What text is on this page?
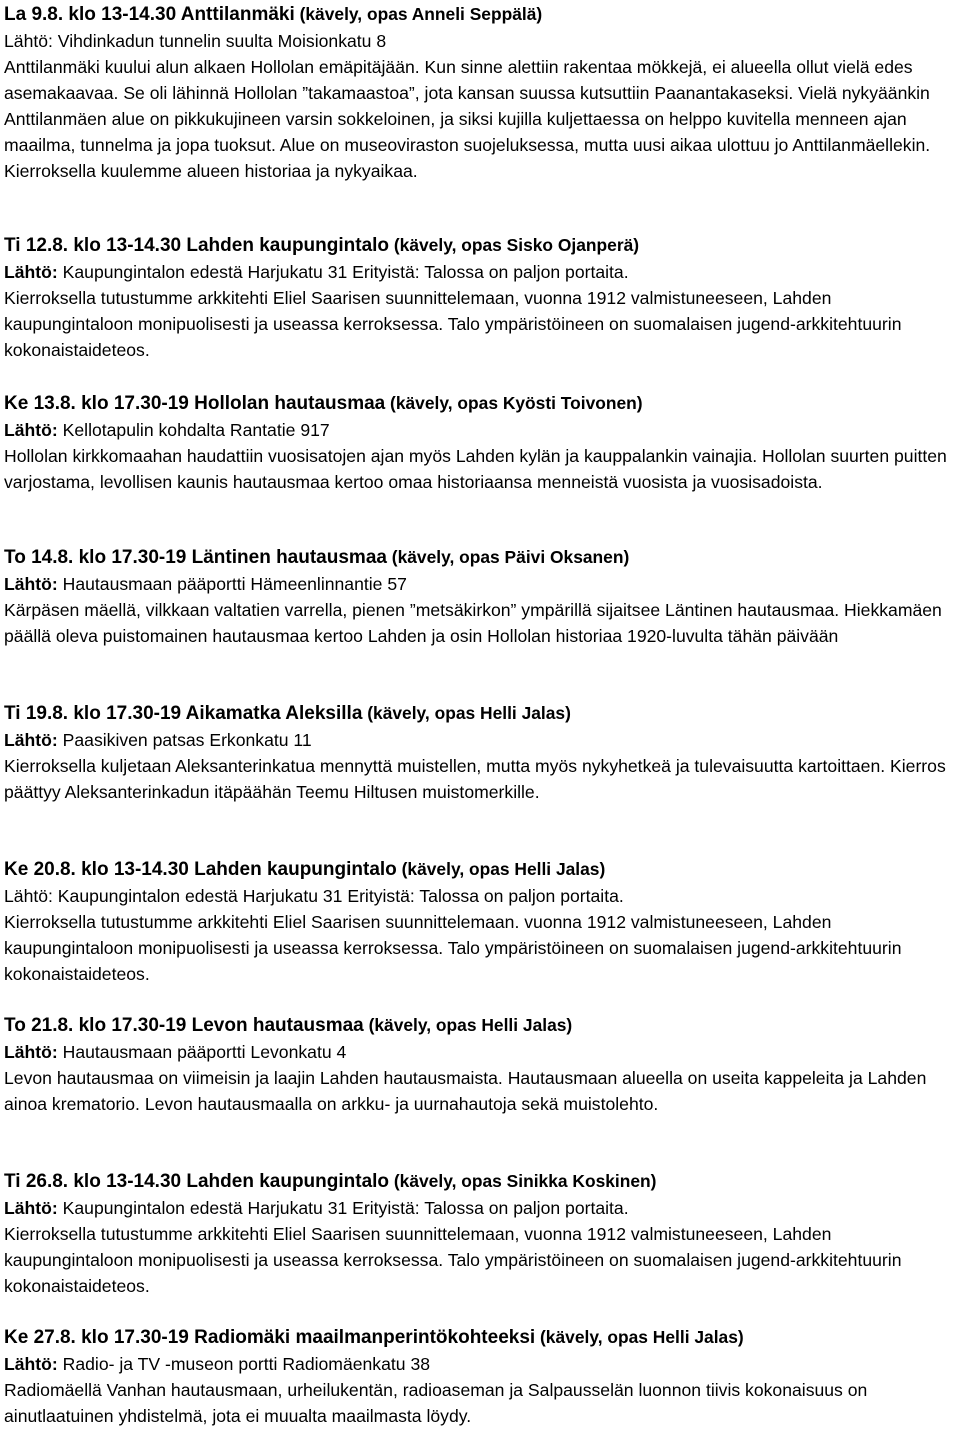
La 9.8. klo 13-14.30 Anttilanmäki (kävely, opas Anneli Seppälä)
Lähtö: Vihdinkadun tunnelin suulta Moisionkatu 8
Anttilanmäki kuului alun alkaen Hollolan emäpitäjään. Kun sinne alettiin rakentaa mökkejä, ei alueella ollut vielä edes asemakaavaa. Se oli lähinnä Hollolan ”takamaastoa”, jota kansan suussa kutsuttiin Paanantakaseksi. Vielä nykyäänkin Anttilanmäen alue on pikkukujineen varsin sokkeloinen, ja siksi kujilla kuljettaessa on helppo kuvitella menneen ajan maailma, tunnelma ja jopa tuoksut. Alue on museoviraston suojeluksessa, mutta uusi aikaa ulottuu jo Anttilanmäellekin. Kierroksella kuulemme alueen historiaa ja nykyaikaa.
Ti 12.8. klo 13-14.30 Lahden kaupungintalo (kävely, opas Sisko Ojanperä)
Lähtö: Kaupungintalon edestä Harjukatu 31 Erityistä: Talossa on paljon portaita.
Kierroksella tutustumme arkkitehti Eliel Saarisen suunnittelemaan, vuonna 1912 valmistuneeseen, Lahden kaupungintaloon monipuolisesti ja useassa kerroksessa. Talo ympäristöineen on suomalaisen jugend-arkkitehtuurin kokonaistaideteos.
Ke 13.8. klo 17.30-19 Hollolan hautausmaa (kävely, opas Kyösti Toivonen)
Lähtö: Kellotapulin kohdalta Rantatie 917
Hollolan kirkkomaahan haudattiin vuosisatojen ajan myös Lahden kylän ja kauppalankin vainajia. Hollolan suurten puitten varjostama, levollisen kaunis hautausmaa kertoo omaa historiaansa menneistä vuosista ja vuosisadoista.
To 14.8. klo 17.30-19 Läntinen hautausmaa (kävely, opas Päivi Oksanen)
Lähtö: Hautausmaan pääportti Hämeenlinnantie 57
Kärpäsen mäellä, vilkkaan valtatien varrella, pienen ”metsäkirkon” ympärillä sijaitsee Läntinen hautausmaa. Hiekkamäen päällä oleva puistomainen hautausmaa kertoo Lahden ja osin Hollolan historiaa 1920-luvulta tähän päivään
Ti 19.8. klo 17.30-19 Aikamatka Aleksilla (kävely, opas Helli Jalas)
Lähtö: Paasikiven patsas Erkonkatu 11
Kierroksella kuljetaan Aleksanterinkatua mennyttä muistellen, mutta myös nykyhetkeä ja tulevaisuutta kartoittaen. Kierros päättyy Aleksanterinkadun itäpäähän Teemu Hiltusen muistomerkille.
Ke 20.8. klo 13-14.30 Lahden kaupungintalo (kävely, opas Helli Jalas)
Lähtö: Kaupungintalon edestä Harjukatu 31 Erityistä: Talossa on paljon portaita.
Kierroksella tutustumme arkkitehti Eliel Saarisen suunnittelemaan. vuonna 1912 valmistuneeseen, Lahden kaupungintaloon monipuolisesti ja useassa kerroksessa. Talo ympäristöineen on suomalaisen jugend-arkkitehtuurin kokonaistaideteos.
To 21.8. klo 17.30-19 Levon hautausmaa (kävely, opas Helli Jalas)
Lähtö: Hautausmaan pääportti Levonkatu 4
Levon hautausmaa on viimeisin ja laajin Lahden hautausmaista. Hautausmaan alueella on useita kappeleita ja Lahden ainoa krematorio. Levon hautausmaalla on arkku- ja uurnahautoja sekä muistolehto.
Ti 26.8. klo 13-14.30 Lahden kaupungintalo (kävely, opas Sinikka Koskinen)
Lähtö: Kaupungintalon edestä Harjukatu 31 Erityistä: Talossa on paljon portaita.
Kierroksella tutustumme arkkitehti Eliel Saarisen suunnittelemaan, vuonna 1912 valmistuneeseen, Lahden kaupungintaloon monipuolisesti ja useassa kerroksessa. Talo ympäristöineen on suomalaisen jugend-arkkitehtuurin kokonaistaideteos.
Ke 27.8. klo 17.30-19 Radiomäki maailmanperintökohteeksi (kävely, opas Helli Jalas)
Lähtö: Radio- ja TV -museon portti Radiomäenkatu 38
Radiomäellä Vanhan hautausmaan, urheilukentän, radioaseman ja Salpausselän luonnon tiivis kokonaisuus on ainutlaatuinen yhdistelmä, jota ei muualta maailmasta löydy.
